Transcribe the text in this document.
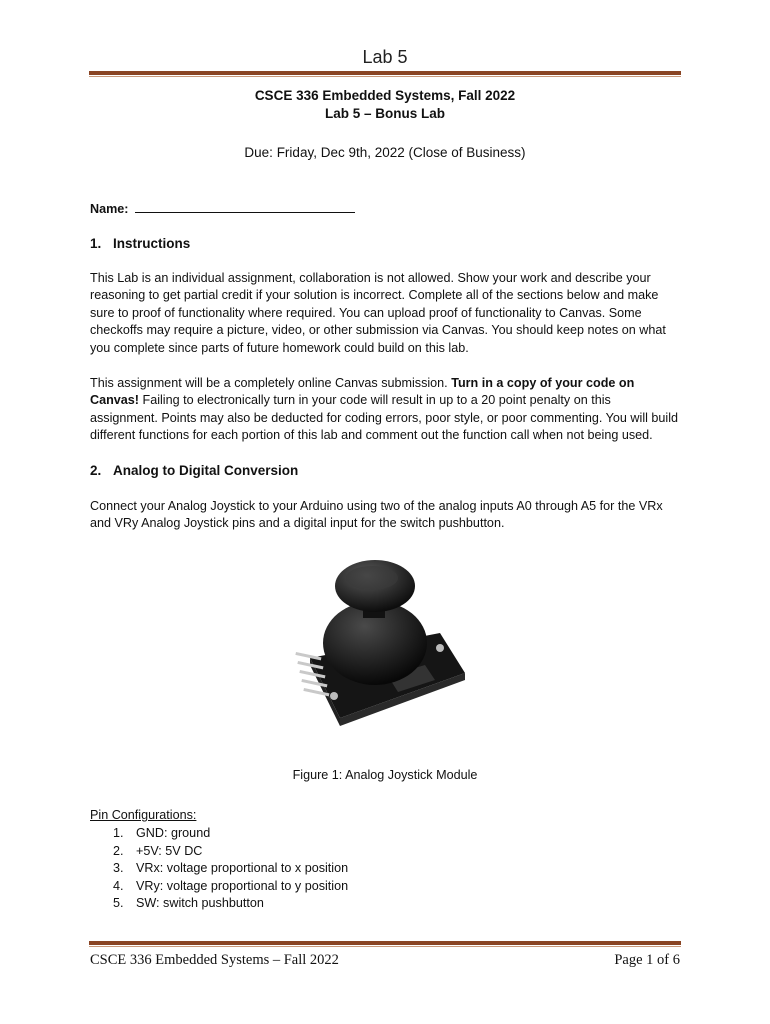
Lab 5
CSCE 336 Embedded Systems, Fall 2022
Lab 5 – Bonus Lab
Due: Friday, Dec 9th, 2022 (Close of Business)
Name:
1. Instructions
This Lab is an individual assignment, collaboration is not allowed. Show your work and describe your reasoning to get partial credit if your solution is incorrect. Complete all of the sections below and make sure to proof of functionality where required. You can upload proof of functionality to Canvas. Some checkoffs may require a picture, video, or other submission via Canvas. You should keep notes on what you complete since parts of future homework could build on this lab.
This assignment will be a completely online Canvas submission. Turn in a copy of your code on Canvas! Failing to electronically turn in your code will result in up to a 20 point penalty on this assignment. Points may also be deducted for coding errors, poor style, or poor commenting. You will build different functions for each portion of this lab and comment out the function call when not being used.
2. Analog to Digital Conversion
Connect your Analog Joystick to your Arduino using two of the analog inputs A0 through A5 for the VRx and VRy Analog Joystick pins and a digital input for the switch pushbutton.
Figure 1: Analog Joystick Module
Pin Configurations:
1. GND: ground
2. +5V: 5V DC
3. VRx: voltage proportional to x position
4. VRy: voltage proportional to y position
5. SW: switch pushbutton
CSCE 336 Embedded Systems – Fall 2022	Page 1 of 6
